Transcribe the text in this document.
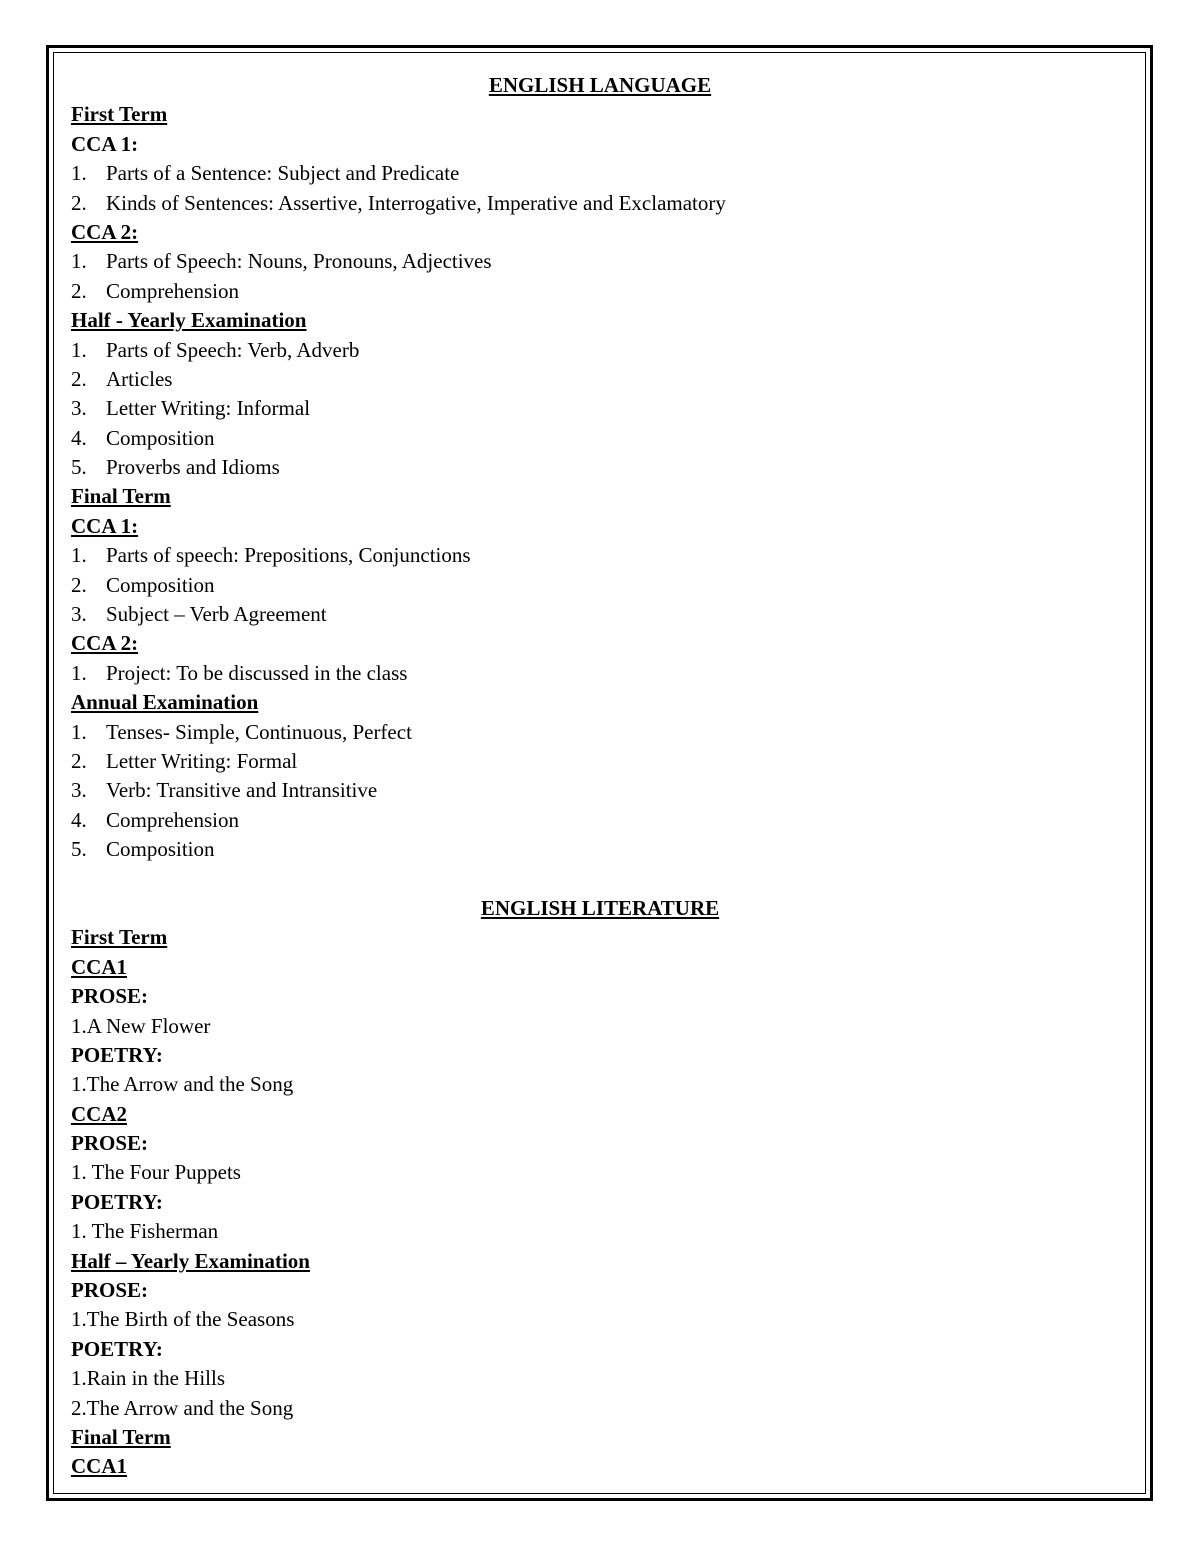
ENGLISH LANGUAGE
First Term
CCA 1:
1. Parts of a Sentence: Subject and Predicate
2. Kinds of Sentences: Assertive, Interrogative, Imperative and Exclamatory
CCA 2:
1. Parts of Speech: Nouns, Pronouns, Adjectives
2. Comprehension
Half - Yearly Examination
1. Parts of Speech: Verb, Adverb
2. Articles
3. Letter Writing: Informal
4. Composition
5. Proverbs and Idioms
Final Term
CCA 1:
1. Parts of speech: Prepositions, Conjunctions
2. Composition
3. Subject – Verb Agreement
CCA 2:
1. Project: To be discussed in the class
Annual Examination
1. Tenses- Simple, Continuous, Perfect
2. Letter Writing: Formal
3. Verb: Transitive and Intransitive
4. Comprehension
5. Composition
ENGLISH LITERATURE
First Term
CCA1
PROSE:
1.A New Flower
POETRY:
1.The Arrow and the Song
CCA2
PROSE:
1. The Four Puppets
POETRY:
1. The Fisherman
Half – Yearly Examination
PROSE:
1.The Birth of the Seasons
POETRY:
1.Rain in the Hills
2.The Arrow and the Song
Final Term
CCA1
